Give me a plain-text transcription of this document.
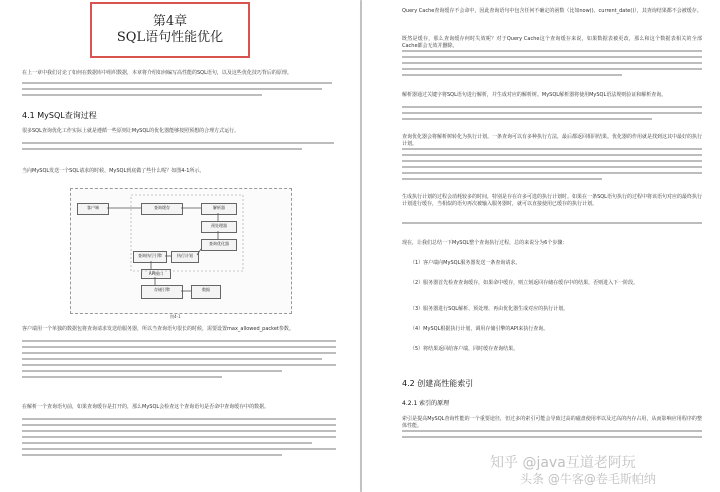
第4章
SQL语句性能优化
在上一章中我们讨论了如何在数据库中组织数据，本章将介绍如何编写高性能的SQL语句，以及这些优化技巧背后的原理。
4.1 MySQL查询过程
很多SQL查询优化工作实际上就是遵循一些原则让MySQL的优化器能够按照预想的合理方式运行。
当向MySQL发送一个SQL请求的时候，MySQL到底做了些什么呢？如图4-1所示。
客户端	查询缓存	解析器
预处理器
查询优化器
执行计划
查询执行引擎
API接口
存储引擎	数据
图4-1
客户端用一个单独的数据包将查询请求发送给服务器，所以当查询语句很长的时候，需要设置max_allowed_packet参数。
在解析一个查询语句前，如果查询缓存是打开的，那么MySQL会检查这个查询语句是否命中查询缓存中的数据。
Query Cache查询缓存不会命中，因此查询语句中包含任何不确定的函数（比如now()、current_date()），其查询结果都不会被缓存。
既然是缓存，那么查询缓存何时失效呢？对于Query Cache这个查询缓存来说，如果数据表被更改，那么和这个数据表相关的全部Cache都会无效并删除。
解析器通过关键字将SQL语句进行解析，并生成对应的解析树。MySQL解析器将使用MySQL语法规则验证和解析查询。
查询优化器会将解析树转化为执行计划。一条查询可以有多种执行方法，最后都返回相同结果。优化器的作用就是找到这其中最好的执行计划。
生成执行计划的过程会消耗较多的时间，特别是存在许多可选的执行计划时。如果在一条SQL语句执行的过程中将该语句对应的最终执行计划进行缓存，当相似的语句再次被输入服务器时，就可以直接使用已缓存的执行计划。
现在，让我们总结一下MySQL整个查询执行过程，总的来说分为6个步骤：
（1）客户端向MySQL服务器发送一条查询请求。
（2）服务器首先检查查询缓存，如果命中缓存，则立刻返回存储在缓存中的结果，否则进入下一阶段。
（3）服务器进行SQL解析、预处理、再由优化器生成对应的执行计划。
（4）MySQL根据执行计划，调用存储引擎的API来执行查询。
（5）将结果返回给客户端，同时缓存查询结果。
4.2 创建高性能索引
4.2.1 索引的原理
索引是提高MySQL查询性能的一个重要途径，但过多的索引可能会导致过高的磁盘使用率以及过高的内存占用，从而影响应用程序的整体性能。
知乎 @java互道老阿玩
头条 @牛客@卷毛斯帕纳
